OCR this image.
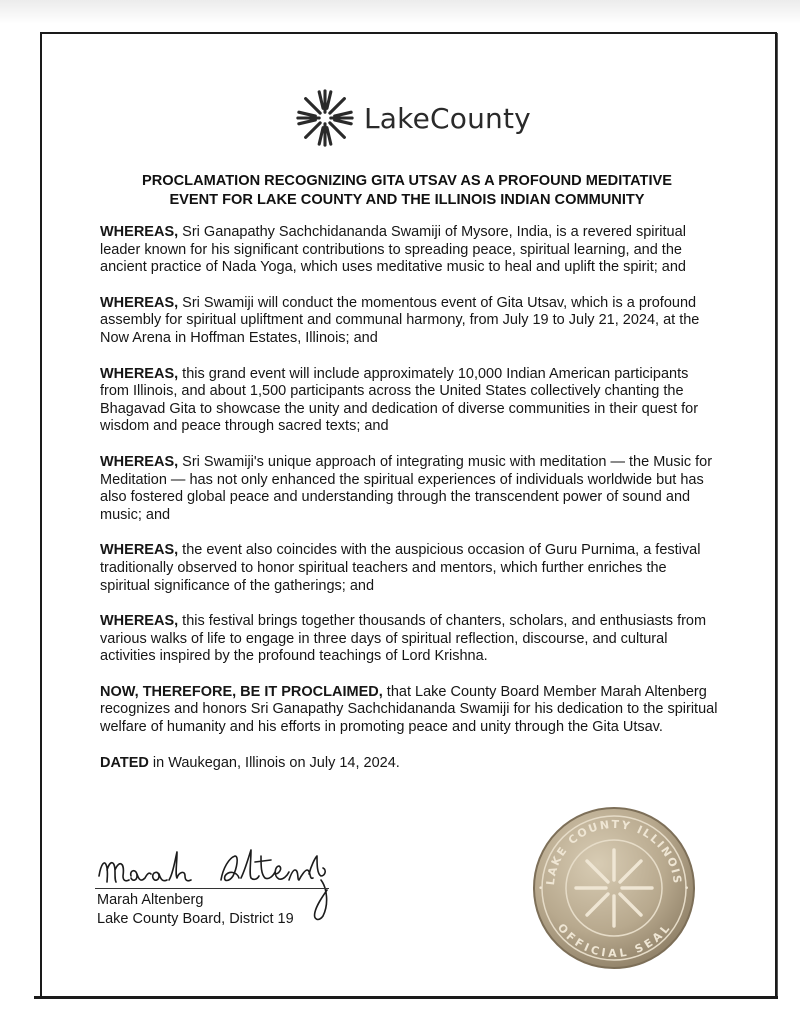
LakeCounty
PROCLAMATION RECOGNIZING GITA UTSAV AS A PROFOUND MEDITATIVE
EVENT FOR LAKE COUNTY AND THE ILLINOIS INDIAN COMMUNITY

WHEREAS, Sri Ganapathy Sachchidananda Swamiji of Mysore, India, is a revered spiritual leader known for his significant contributions to spreading peace, spiritual learning, and the ancient practice of Nada Yoga, which uses meditative music to heal and uplift the spirit; and

WHEREAS, Sri Swamiji will conduct the momentous event of Gita Utsav, which is a profound assembly for spiritual upliftment and communal harmony, from July 19 to July 21, 2024, at the Now Arena in Hoffman Estates, Illinois; and

WHEREAS, this grand event will include approximately 10,000 Indian American participants from Illinois, and about 1,500 participants across the United States collectively chanting the Bhagavad Gita to showcase the unity and dedication of diverse communities in their quest for wisdom and peace through sacred texts; and

WHEREAS, Sri Swamiji's unique approach of integrating music with meditation — the Music for Meditation — has not only enhanced the spiritual experiences of individuals worldwide but has also fostered global peace and understanding through the transcendent power of sound and music; and

WHEREAS, the event also coincides with the auspicious occasion of Guru Purnima, a festival traditionally observed to honor spiritual teachers and mentors, which further enriches the spiritual significance of the gatherings; and

WHEREAS, this festival brings together thousands of chanters, scholars, and enthusiasts from various walks of life to engage in three days of spiritual reflection, discourse, and cultural activities inspired by the profound teachings of Lord Krishna.

NOW, THEREFORE, BE IT PROCLAIMED, that Lake County Board Member Marah Altenberg recognizes and honors Sri Ganapathy Sachchidananda Swamiji for his dedication to the spiritual welfare of humanity and his efforts in promoting peace and unity through the Gita Utsav.

DATED in Waukegan, Illinois on July 14, 2024.

Marah Altenberg
Lake County Board, District 19
LAKE COUNTY ILLINOIS
OFFICIAL SEAL
•	•
